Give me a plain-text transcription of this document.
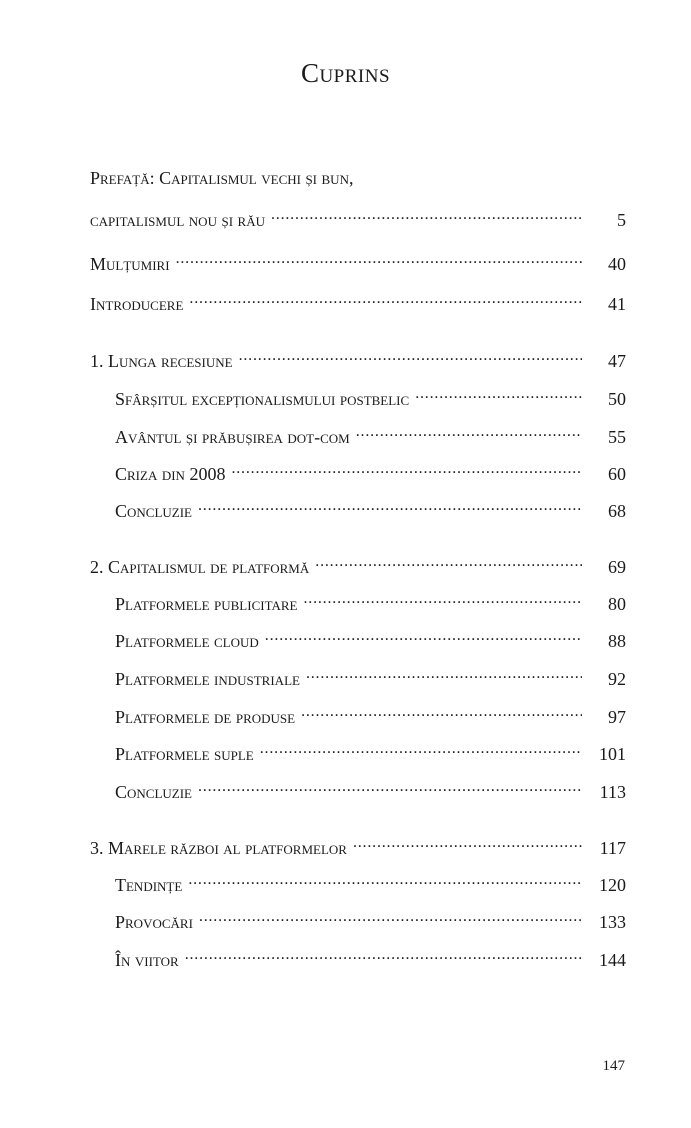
Cuprins
Prefață: Capitalismul vechi și bun,
capitalismul nou și rău . . .	5
Mulțumiri . . .	40
Introducere . . .	41
1. Lunga recesiune . . .	47
Sfârșitul excepționalismului postbelic . . .	50
Avântul și prăbușirea dot-com . . .	55
Criza din 2008 . . .	60
Concluzie . . .	68
2. Capitalismul de platformă . . .	69
Platformele publicitare . . .	80
Platformele cloud . . .	88
Platformele industriale . . .	92
Platformele de produse . . .	97
Platformele suple . . .	101
Concluzie . . .	113
3. Marele război al platformelor . . .	117
Tendințe . . .	120
Provocări . . .	133
În viitor . . .	144
147
